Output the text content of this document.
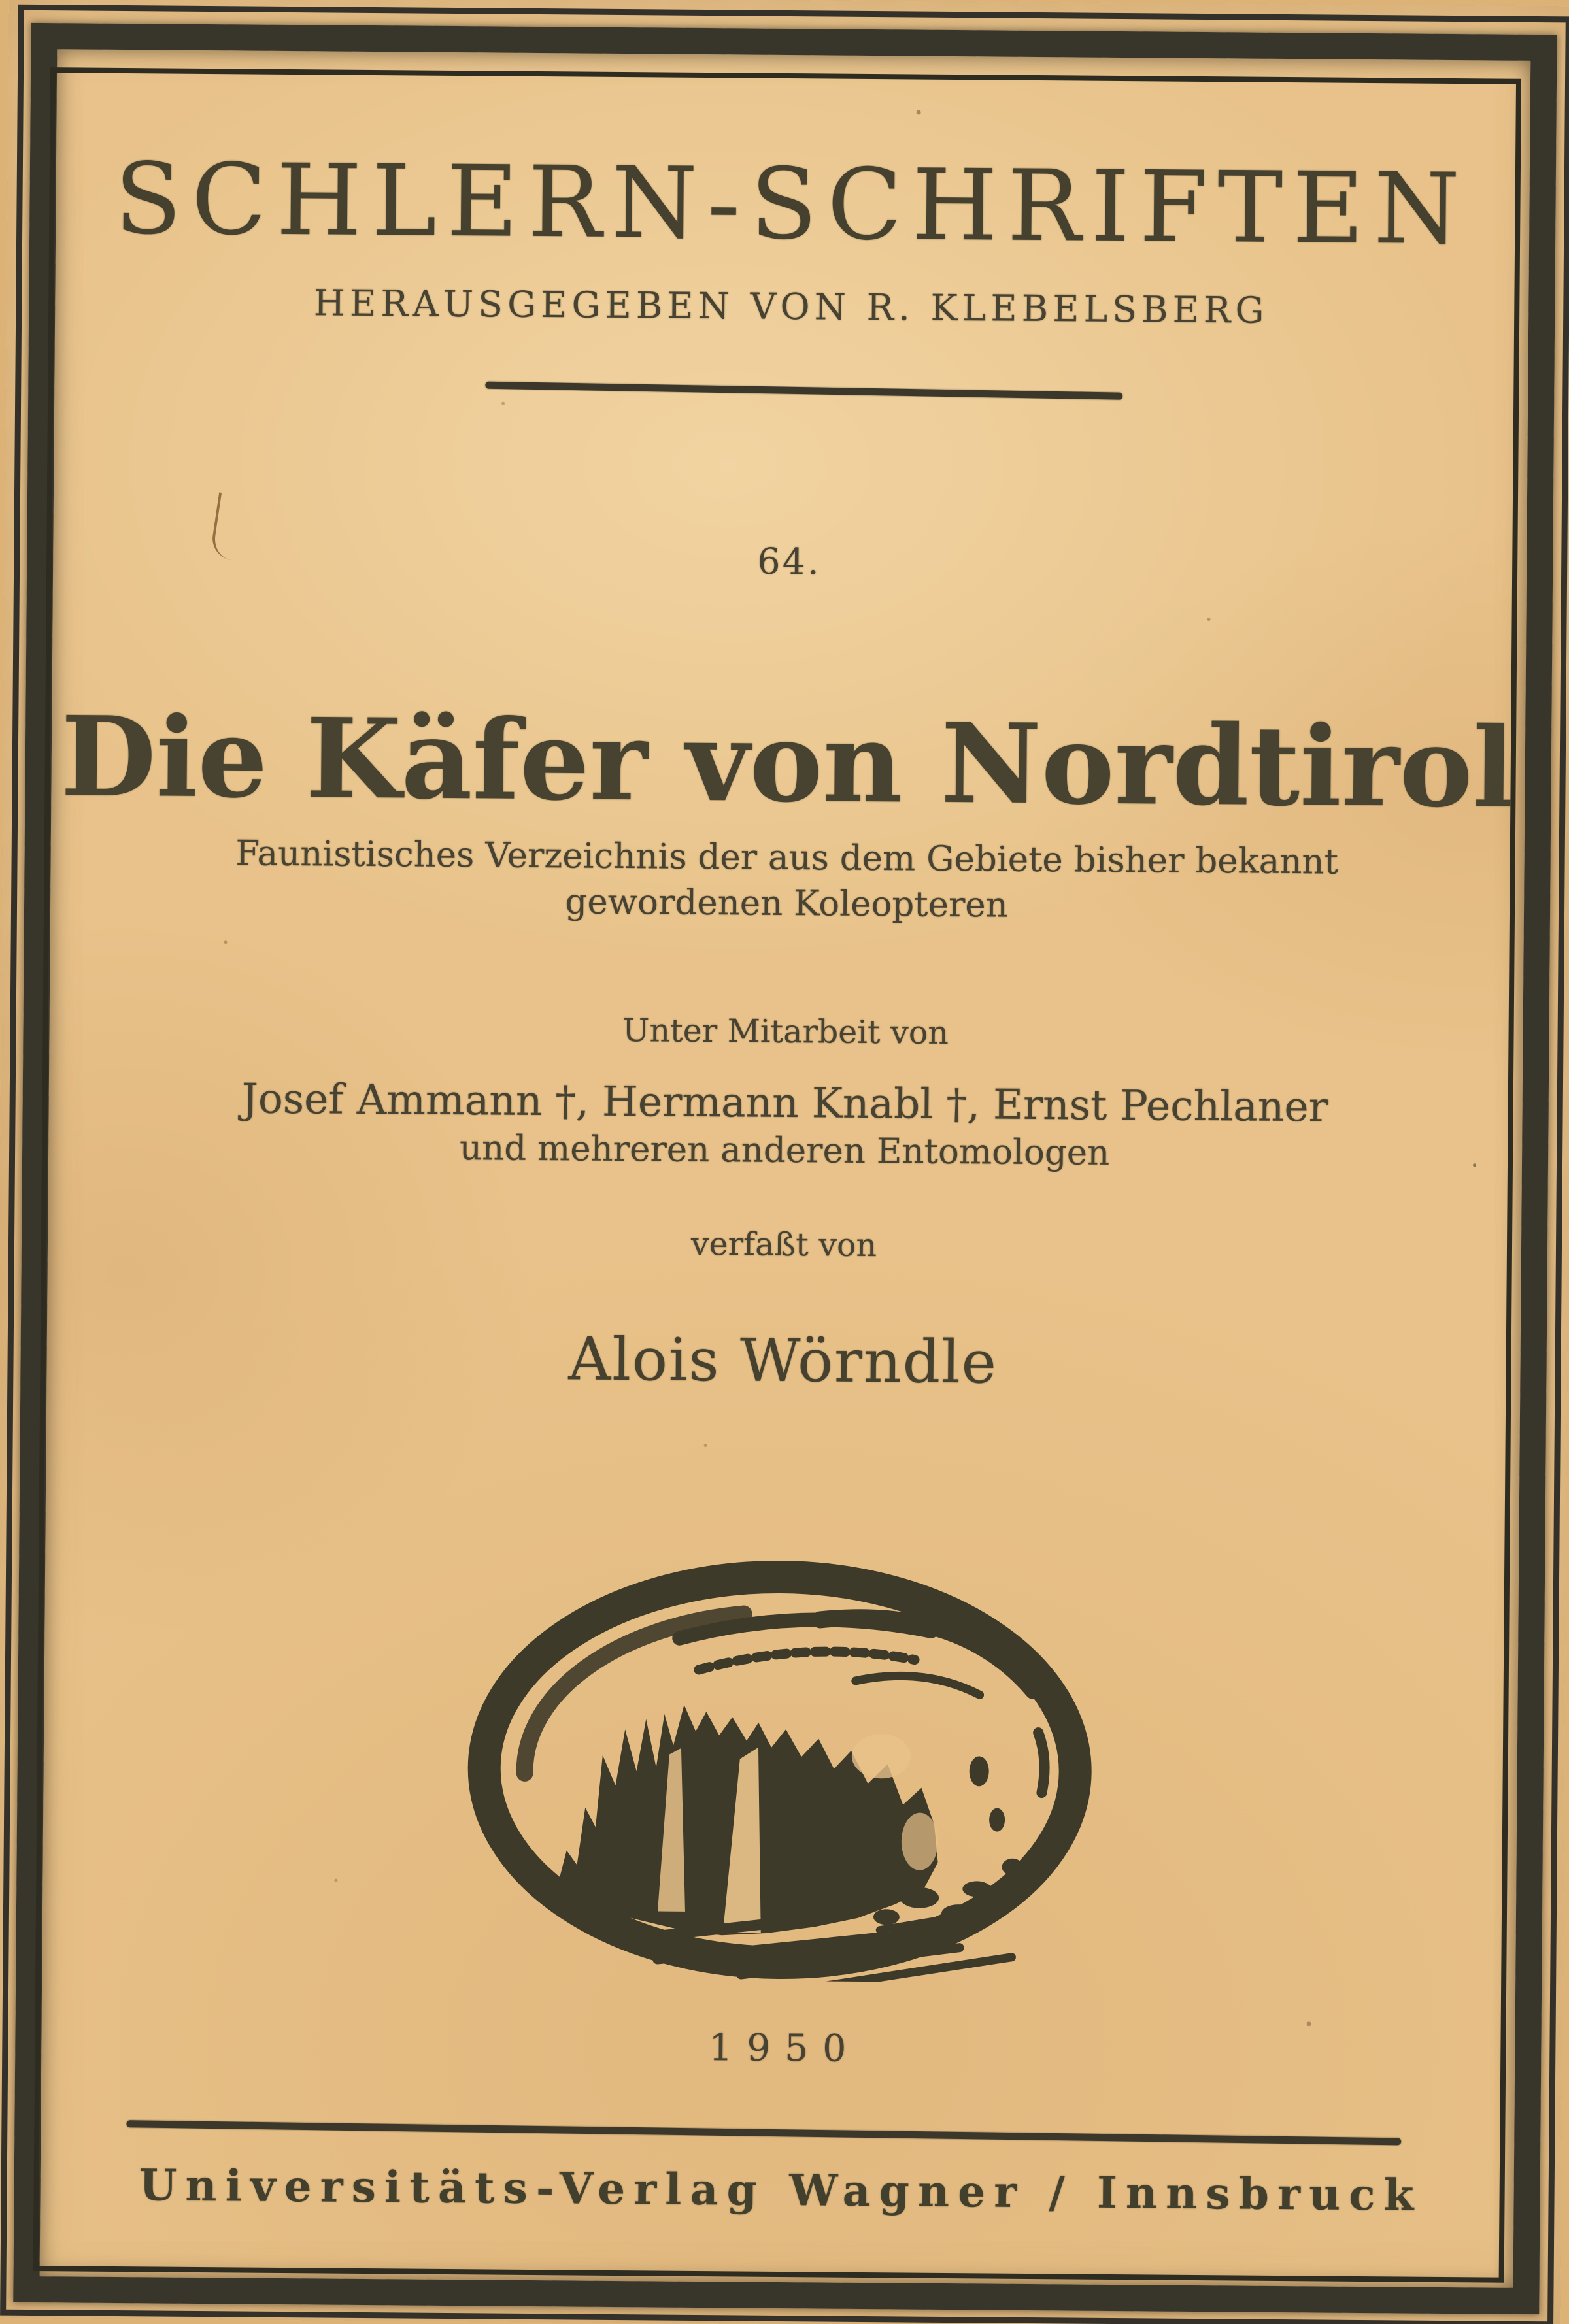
SCHLERN-SCHRIFTEN
HERAUSGEGEBEN VON R. KLEBELSBERG
64.
Die Käfer von Nordtirol
Faunistisches Verzeichnis der aus dem Gebiete bisher bekannt
gewordenen Koleopteren
Unter Mitarbeit von
Josef Ammann †, Hermann Knabl †, Ernst Pechlaner
und mehreren anderen Entomologen
verfaßt von
Alois Wörndle
1950
Universitäts-Verlag Wagner / Innsbruck
